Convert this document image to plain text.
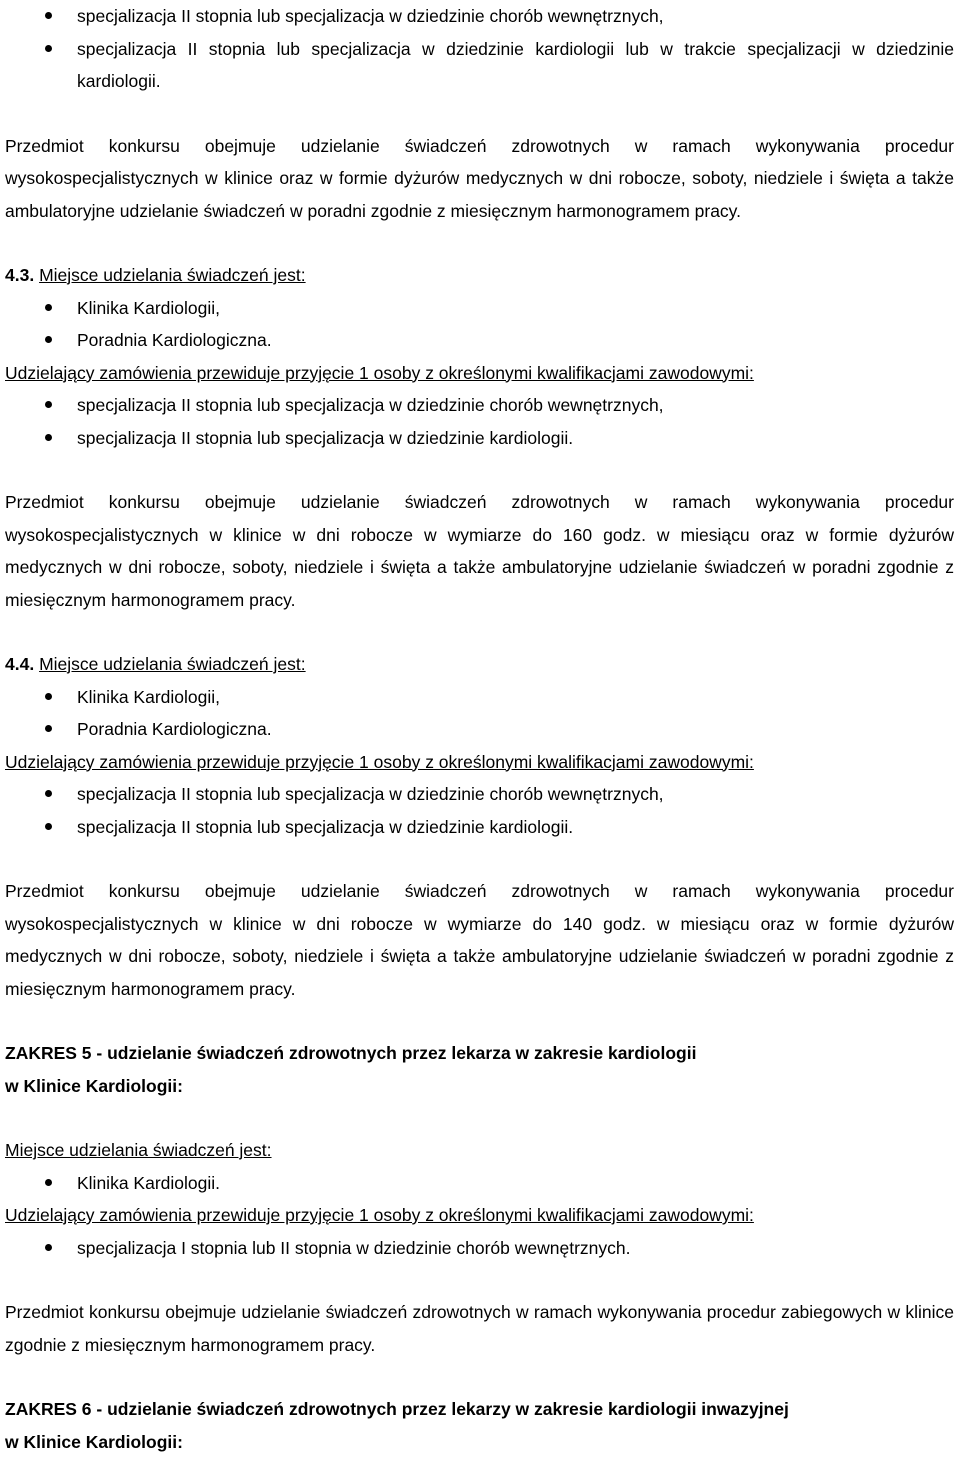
specjalizacja II stopnia lub specjalizacja w dziedzinie chorób wewnętrznych,
specjalizacja II stopnia lub specjalizacja w dziedzinie kardiologii lub w trakcie specjalizacji w dziedzinie kardiologii.

Przedmiot konkursu obejmuje udzielanie świadczeń zdrowotnych w ramach wykonywania procedur wysokospecjalistycznych w klinice oraz w formie dyżurów medycznych w dni robocze, soboty, niedziele i święta a także ambulatoryjne udzielanie świadczeń w poradni zgodnie z miesięcznym harmonogramem pracy.

4.3. Miejsce udzielania świadczeń jest:

Klinika Kardiologii,
Poradnia Kardiologiczna.

Udzielający zamówienia przewiduje przyjęcie 1 osoby z określonymi kwalifikacjami zawodowymi:

specjalizacja II stopnia lub specjalizacja w dziedzinie chorób wewnętrznych,
specjalizacja II stopnia lub specjalizacja w dziedzinie kardiologii.

Przedmiot konkursu obejmuje udzielanie świadczeń zdrowotnych w ramach wykonywania procedur wysokospecjalistycznych w klinice w dni robocze w wymiarze do 160 godz. w miesiącu oraz w formie dyżurów medycznych w dni robocze, soboty, niedziele i święta a także ambulatoryjne udzielanie świadczeń w poradni zgodnie z miesięcznym harmonogramem pracy.

4.4. Miejsce udzielania świadczeń jest:

Klinika Kardiologii,
Poradnia Kardiologiczna.

Udzielający zamówienia przewiduje przyjęcie 1 osoby z określonymi kwalifikacjami zawodowymi:

specjalizacja II stopnia lub specjalizacja w dziedzinie chorób wewnętrznych,
specjalizacja II stopnia lub specjalizacja w dziedzinie kardiologii.

Przedmiot konkursu obejmuje udzielanie świadczeń zdrowotnych w ramach wykonywania procedur wysokospecjalistycznych w klinice w dni robocze w wymiarze do 140 godz. w miesiącu oraz w formie dyżurów medycznych w dni robocze, soboty, niedziele i święta a także ambulatoryjne udzielanie świadczeń w poradni zgodnie z miesięcznym harmonogramem pracy.

ZAKRES 5 - udzielanie świadczeń zdrowotnych przez lekarza w zakresie kardiologii

w Klinice Kardiologii:

Miejsce udzielania świadczeń jest:

Klinika Kardiologii.

Udzielający zamówienia przewiduje przyjęcie 1 osoby z określonymi kwalifikacjami zawodowymi:

specjalizacja I stopnia lub II stopnia w dziedzinie chorób wewnętrznych.

Przedmiot konkursu obejmuje udzielanie świadczeń zdrowotnych w ramach wykonywania procedur zabiegowych w klinice zgodnie z miesięcznym harmonogramem pracy.

ZAKRES 6 - udzielanie świadczeń zdrowotnych przez lekarzy w zakresie kardiologii inwazyjnej

w Klinice Kardiologii:
